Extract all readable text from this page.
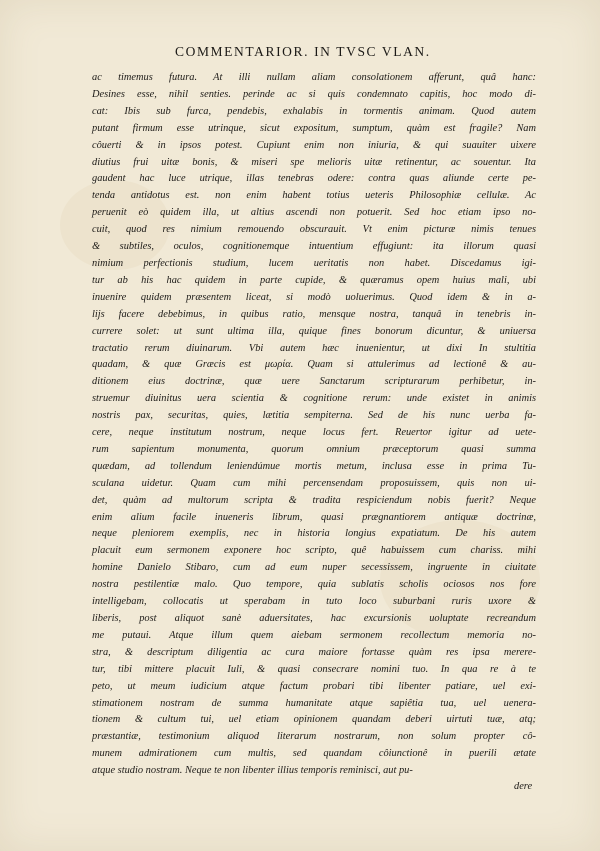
COMMENTARIOR. IN TVSC VLAN.
ac timemus futura. At illi nullam aliam consolationem afferunt, quâ hanc:
Desines esse, nihil senties. perinde ac si quis condemnato capitis, hoc modo di-
cat: Ibis sub furca, pendebis, exhalabis in tormentis animam. Quod autem
putant firmum esse utrinque, sicut expositum, sumptum, quàm est fragile? Nam
côuerti & in ipsos potest. Cupiunt enim non iniuria, & qui suauiter uixere
diutius frui uitæ bonis, & miseri spe melioris uitæ retinentur, ac souentur. Ita
gaudent hac luce utrique, illas tenebras odere: contra quas aliunde certe pe-
tenda antidotus est. non enim habent totius ueteris Philosophiæ cellulæ. Ac
peruenit eò quidem illa, ut altius ascendi non potuerit. Sed hoc etiam ipso no-
cuit, quod res nimium remouendo obscurauit. Vt enim picturæ nimis tenues
& subtiles, oculos, cognitionemque intuentium effugiunt: ita illorum quasi
nimium perfectionis studium, lucem ueritatis non habet. Discedamus igi-
tur ab his hac quidem in parte cupide, & quæramus opem huius mali, ubi
inuenire quidem præsentem liceat, si modò uoluerimus. Quod idem & in a-
lijs facere debebimus, in quibus ratio, mensque nostra, tanquâ in tenebris in-
currere solet: ut sunt ultima illa, quique fines bonorum dicuntur, & uniuersa
tractatio rerum diuinarum. Vbi autem hæc inuenientur, ut dixi In stultitia
quadam, & quæ Græcis est μωρία. Quam si attulerimus ad lectionê & au-
ditionem eius doctrinæ, quæ uere Sanctarum scripturarum perhibetur, in-
struemur diuinitus uera scientia & cognitione rerum: unde existet in animis
nostris pax, securitas, quies, lætitia sempiterna. Sed de his nunc uerba fa-
cere, neque institutum nostrum, neque locus fert. Reuertor igitur ad uete-
rum sapientum monumenta, quorum omnium præceptorum quasi summa
quædam, ad tollendum leniendúmue mortis metum, inclusa esse in prima Tu-
sculana uidetur. Quam cum mihi percensendam proposuissem, quis non ui-
det, quàm ad multorum scripta & tradita respiciendum nobis fuerit? Neque
enim alium facile inueneris librum, quasi prægnantiorem antiquæ doctrinæ,
neque pleniorem exemplis, nec in historia longius expatiatum. De his autem
placuit eum sermonem exponere hoc scripto, quê habuissem cum chariss. mihi
homine Danielo Stibaro, cum ad eum nuper secessissem, ingruente in ciuitate
nostra pestilentiæ malo. Quo tempore, quia sublatis scholis ociosos nos fore
intelligebam, collocatis ut sperabam in tuto loco suburbani ruris uxore &
liberis, post aliquot sanè aduersitates, hac excursionis uoluptate recreandum
me putaui. Atque illum quem aiebam sermonem recollectum memoria no-
stra, & descriptum diligentia ac cura maiore fortasse quàm res ipsa merere-
tur, tibi mittere placuit Iuli, & quasi consecrare nomini tuo. In qua re à te
peto, ut meum iudicium atque factum probari tibi libenter patiare, uel exi-
stimationem nostram de summa humanitate atque sapiêtia tua, uel uenera-
tionem & cultum tui, uel etiam opinionem quandam deberi uirtuti tuæ, atq;
præstantiæ, testimonium aliquod literarum nostrarum, non solum propter cô-
munem admirationem cum multis, sed quandam côiunctionê in puerili ætate
atque studio nostram. Neque te non libenter illius temporis reminisci, aut pu-
dere
